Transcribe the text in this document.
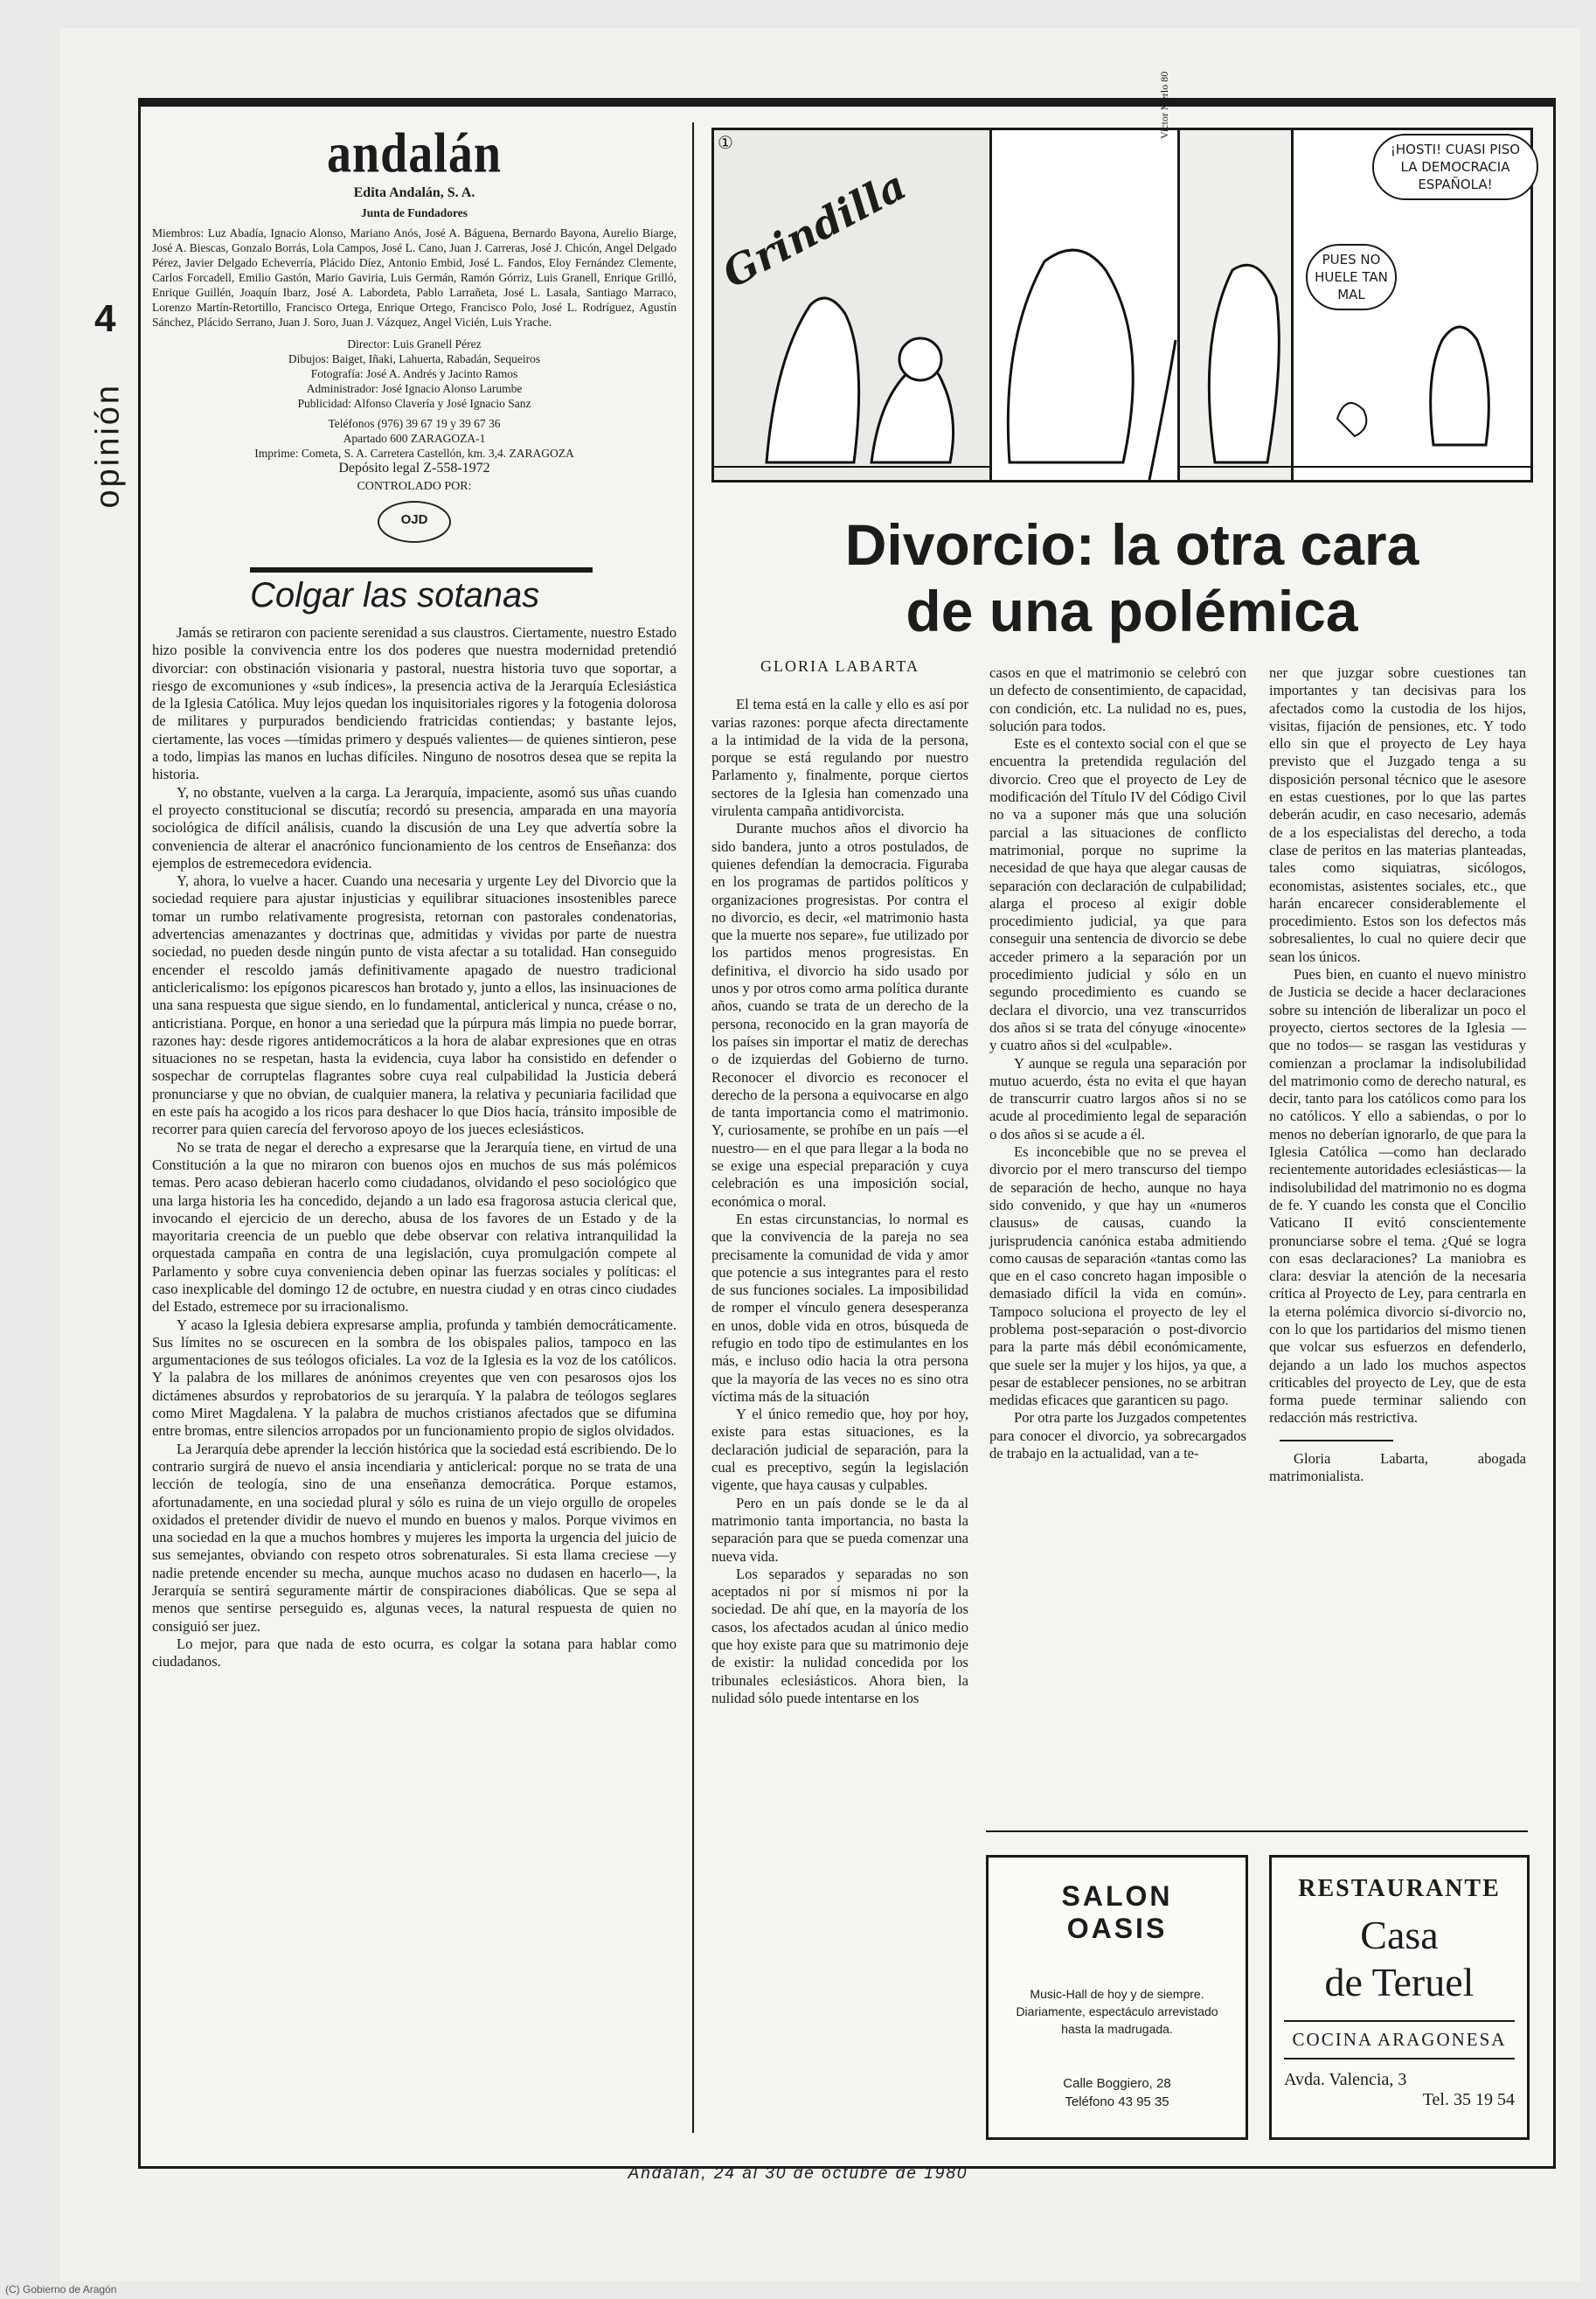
4
opinión
andalán

Edita Andalán, S. A.

Junta de Fundadores

Miembros: Luz Abadía, Ignacio Alonso, Mariano Anós, José A. Báguena, Bernardo Bayona, Aurelio Biarge, José A. Biescas, Gonzalo Borrás, Lola Campos, José L. Cano, Juan J. Carreras, José J. Chicón, Angel Delgado Pérez, Javier Delgado Echeverría, Plácido Díez, Antonio Embid, José L. Fandos, Eloy Fernández Clemente, Carlos Forcadell, Emilio Gastón, Mario Gaviria, Luis Germán, Ramón Górriz, Luis Granell, Enrique Grilló, Enrique Guillén, Joaquín Ibarz, José A. Labordeta, Pablo Larrañeta, José L. Lasala, Santiago Marraco, Lorenzo Martín-Retortillo, Francisco Ortega, Enrique Ortego, Francisco Polo, José L. Rodríguez, Agustín Sánchez, Plácido Serrano, Juan J. Soro, Juan J. Vázquez, Angel Vicién, Luis Yrache.

Director: Luis Granell Pérez

Dibujos: Baiget, Iñaki, Lahuerta, Rabadán, Sequeiros

Fotografía: José A. Andrés y Jacinto Ramos

Administrador: José Ignacio Alonso Larumbe

Publicidad: Alfonso Clavería y José Ignacio Sanz

Teléfonos (976) 39 67 19 y 39 67 36

Apartado 600 ZARAGOZA-1

Imprime: Cometa, S. A. Carretera Castellón, km. 3,4. ZARAGOZA

Depósito legal Z-558-1972

CONTROLADO POR:

OJD
Colgar las sotanas

Jamás se retiraron con paciente serenidad a sus claustros. Ciertamente, nuestro Estado hizo posible la convivencia entre los dos poderes que nuestra modernidad pretendió divorciar: con obstinación visionaria y pastoral, nuestra historia tuvo que soportar, a riesgo de excomuniones y «sub índices», la presencia activa de la Jerarquía Eclesiástica de la Iglesia Católica. Muy lejos quedan los inquisitoriales rigores y la fotogenia dolorosa de militares y purpurados bendiciendo fratricidas contiendas; y bastante lejos, ciertamente, las voces —tímidas primero y después valientes— de quienes sintieron, pese a todo, limpias las manos en luchas difíciles. Ninguno de nosotros desea que se repita la historia.

Y, no obstante, vuelven a la carga. La Jerarquía, impaciente, asomó sus uñas cuando el proyecto constitucional se discutía; recordó su presencia, amparada en una mayoría sociológica de difícil análisis, cuando la discusión de una Ley que advertía sobre la conveniencia de alterar el anacrónico funcionamiento de los centros de Enseñanza: dos ejemplos de estremecedora evidencia.

Y, ahora, lo vuelve a hacer. Cuando una necesaria y urgente Ley del Divorcio que la sociedad requiere para ajustar injusticias y equilibrar situaciones insostenibles parece tomar un rumbo relativamente progresista, retornan con pastorales condenatorias, advertencias amenazantes y doctrinas que, admitidas y vividas por parte de nuestra sociedad, no pueden desde ningún punto de vista afectar a su totalidad. Han conseguido encender el rescoldo jamás definitivamente apagado de nuestro tradicional anticlericalismo: los epígonos picarescos han brotado y, junto a ellos, las insinuaciones de una sana respuesta que sigue siendo, en lo fundamental, anticlerical y nunca, créase o no, anticristiana. Porque, en honor a una seriedad que la púrpura más limpia no puede borrar, razones hay: desde rigores antidemocráticos a la hora de alabar expresiones que en otras situaciones no se respetan, hasta la evidencia, cuya labor ha consistido en defender o sospechar de corruptelas flagrantes sobre cuya real culpabilidad la Justicia deberá pronunciarse y que no obvian, de cualquier manera, la relativa y pecuniaria facilidad que en este país ha acogido a los ricos para deshacer lo que Dios hacía, tránsito imposible de recorrer para quien carecía del fervoroso apoyo de los jueces eclesiásticos.

No se trata de negar el derecho a expresarse que la Jerarquía tiene, en virtud de una Constitución a la que no miraron con buenos ojos en muchos de sus más polémicos temas. Pero acaso debieran hacerlo como ciudadanos, olvidando el peso sociológico que una larga historia les ha concedido, dejando a un lado esa fragorosa astucia clerical que, invocando el ejercicio de un derecho, abusa de los favores de un Estado y de la mayoritaria creencia de un pueblo que debe observar con relativa intranquilidad la orquestada campaña en contra de una legislación, cuya promulgación compete al Parlamento y sobre cuya conveniencia deben opinar las fuerzas sociales y políticas: el caso inexplicable del domingo 12 de octubre, en nuestra ciudad y en otras cinco ciudades del Estado, estremece por su irracionalismo.

Y acaso la Iglesia debiera expresarse amplia, profunda y también democráticamente. Sus límites no se oscurecen en la sombra de los obispales palios, tampoco en las argumentaciones de sus teólogos oficiales. La voz de la Iglesia es la voz de los católicos. Y la palabra de los millares de anónimos creyentes que ven con pesarosos ojos los dictámenes absurdos y reprobatorios de su jerarquía. Y la palabra de teólogos seglares como Miret Magdalena. Y la palabra de muchos cristianos afectados que se difumina entre bromas, entre silencios arropados por un funcionamiento propio de siglos olvidados.

La Jerarquía debe aprender la lección histórica que la sociedad está escribiendo. De lo contrario surgirá de nuevo el ansia incendiaria y anticlerical: porque no se trata de una lección de teología, sino de una enseñanza democrática. Porque estamos, afortunadamente, en una sociedad plural y sólo es ruina de un viejo orgullo de oropeles oxidados el pretender dividir de nuevo el mundo en buenos y malos. Porque vivimos en una sociedad en la que a muchos hombres y mujeres les importa la urgencia del juicio de sus semejantes, obviando con respeto otros sobrenaturales. Si esta llama creciese —y nadie pretende encender su mecha, aunque muchos acaso no dudasen en hacerlo—, la Jerarquía se sentirá seguramente mártir de conspiraciones diabólicas. Que se sepa al menos que sentirse perseguido es, algunas veces, la natural respuesta de quien no consiguió ser juez.

Lo mejor, para que nada de esto ocurra, es colgar la sotana para hablar como ciudadanos.

①
Grindilla
Victor Merlo 80
¡HOSTI! CUASI PISO LA DEMOCRACIA ESPAÑOLA!
PUES NO HUELE TAN MAL
Divorcio: la otra cara
de una polémica
GLORIA LABARTA

El tema está en la calle y ello es así por varias razones: porque afecta directamente a la intimidad de la vida de la persona, porque se está regulando por nuestro Parlamento y, finalmente, porque ciertos sectores de la Iglesia han comenzado una virulenta campaña antidivorcista.

Durante muchos años el divorcio ha sido bandera, junto a otros postulados, de quienes defendían la democracia. Figuraba en los programas de partidos políticos y organizaciones progresistas. Por contra el no divorcio, es decir, «el matrimonio hasta que la muerte nos separe», fue utilizado por los partidos menos progresistas. En definitiva, el divorcio ha sido usado por unos y por otros como arma política durante años, cuando se trata de un derecho de la persona, reconocido en la gran mayoría de los países sin importar el matiz de derechas o de izquierdas del Gobierno de turno. Reconocer el divorcio es reconocer el derecho de la persona a equivocarse en algo de tanta importancia como el matrimonio. Y, curiosamente, se prohíbe en un país —el nuestro— en el que para llegar a la boda no se exige una especial preparación y cuya celebración es una imposición social, económica o moral.

En estas circunstancias, lo normal es que la convivencia de la pareja no sea precisamente la comunidad de vida y amor que potencie a sus integrantes para el resto de sus funciones sociales. La imposibilidad de romper el vínculo genera desesperanza en unos, doble vida en otros, búsqueda de refugio en todo tipo de estimulantes en los más, e incluso odio hacia la otra persona que la mayoría de las veces no es sino otra víctima más de la situación

Y el único remedio que, hoy por hoy, existe para estas situaciones, es la declaración judicial de separación, para la cual es preceptivo, según la legislación vigente, que haya causas y culpables.

Pero en un país donde se le da al matrimonio tanta importancia, no basta la separación para que se pueda comenzar una nueva vida.

Los separados y separadas no son aceptados ni por sí mismos ni por la sociedad. De ahí que, en la mayoría de los casos, los afectados acudan al único medio que hoy existe para que su matrimonio deje de existir: la nulidad concedida por los tribunales eclesiásticos. Ahora bien, la nulidad sólo puede intentarse en los

casos en que el matrimonio se celebró con un defecto de consentimiento, de capacidad, con condición, etc. La nulidad no es, pues, solución para todos.

Este es el contexto social con el que se encuentra la pretendida regulación del divorcio. Creo que el proyecto de Ley de modificación del Título IV del Código Civil no va a suponer más que una solución parcial a las situaciones de conflicto matrimonial, porque no suprime la necesidad de que haya que alegar causas de separación con declaración de culpabilidad; alarga el proceso al exigir doble procedimiento judicial, ya que para conseguir una sentencia de divorcio se debe acceder primero a la separación por un procedimiento judicial y sólo en un segundo procedimiento es cuando se declara el divorcio, una vez transcurridos dos años si se trata del cónyuge «inocente» y cuatro años si del «culpable».

Y aunque se regula una separación por mutuo acuerdo, ésta no evita el que hayan de transcurrir cuatro largos años si no se acude al procedimiento legal de separación o dos años si se acude a él.

Es inconcebible que no se prevea el divorcio por el mero transcurso del tiempo de separación de hecho, aunque no haya sido convenido, y que hay un «numeros clausus» de causas, cuando la jurisprudencia canónica estaba admitiendo como causas de separación «tantas como las que en el caso concreto hagan imposible o demasiado difícil la vida en común». Tampoco soluciona el proyecto de ley el problema post-separación o post-divorcio para la parte más débil económicamente, que suele ser la mujer y los hijos, ya que, a pesar de establecer pensiones, no se arbitran medidas eficaces que garanticen su pago.

Por otra parte los Juzgados competentes para conocer el divorcio, ya sobrecargados de trabajo en la actualidad, van a te-

ner que juzgar sobre cuestiones tan importantes y tan decisivas para los afectados como la custodia de los hijos, visitas, fijación de pensiones, etc. Y todo ello sin que el proyecto de Ley haya previsto que el Juzgado tenga a su disposición personal técnico que le asesore en estas cuestiones, por lo que las partes deberán acudir, en caso necesario, además de a los especialistas del derecho, a toda clase de peritos en las materias planteadas, tales como siquiatras, sicólogos, economistas, asistentes sociales, etc., que harán encarecer considerablemente el procedimiento. Estos son los defectos más sobresalientes, lo cual no quiere decir que sean los únicos.

Pues bien, en cuanto el nuevo ministro de Justicia se decide a hacer declaraciones sobre su intención de liberalizar un poco el proyecto, ciertos sectores de la Iglesia —que no todos— se rasgan las vestiduras y comienzan a proclamar la indisolubilidad del matrimonio como de derecho natural, es decir, tanto para los católicos como para los no católicos. Y ello a sabiendas, o por lo menos no deberían ignorarlo, de que para la Iglesia Católica —como han declarado recientemente autoridades eclesiásticas— la indisolubilidad del matrimonio no es dogma de fe. Y cuando les consta que el Concilio Vaticano II evitó conscientemente pronunciarse sobre el tema. ¿Qué se logra con esas declaraciones? La maniobra es clara: desviar la atención de la necesaria crítica al Proyecto de Ley, para centrarla en la eterna polémica divorcio sí-divorcio no, con lo que los partidarios del mismo tienen que volcar sus esfuerzos en defenderlo, dejando a un lado los muchos aspectos criticables del proyecto de Ley, que de esta forma puede terminar saliendo con redacción más restrictiva.

Gloria Labarta, abogada matrimonialista.

SALON
OASIS
Music-Hall de hoy y de siempre. Diariamente, espectáculo arrevistado hasta la madrugada.
Calle Boggiero, 28
Teléfono 43 95 35
RESTAURANTE
Casa
de Teruel
COCINA ARAGONESA
Avda. Valencia, 3
Tel. 35 19 54
Andalán, 24 al 30 de octubre de 1980
(C) Gobierno de Aragón
